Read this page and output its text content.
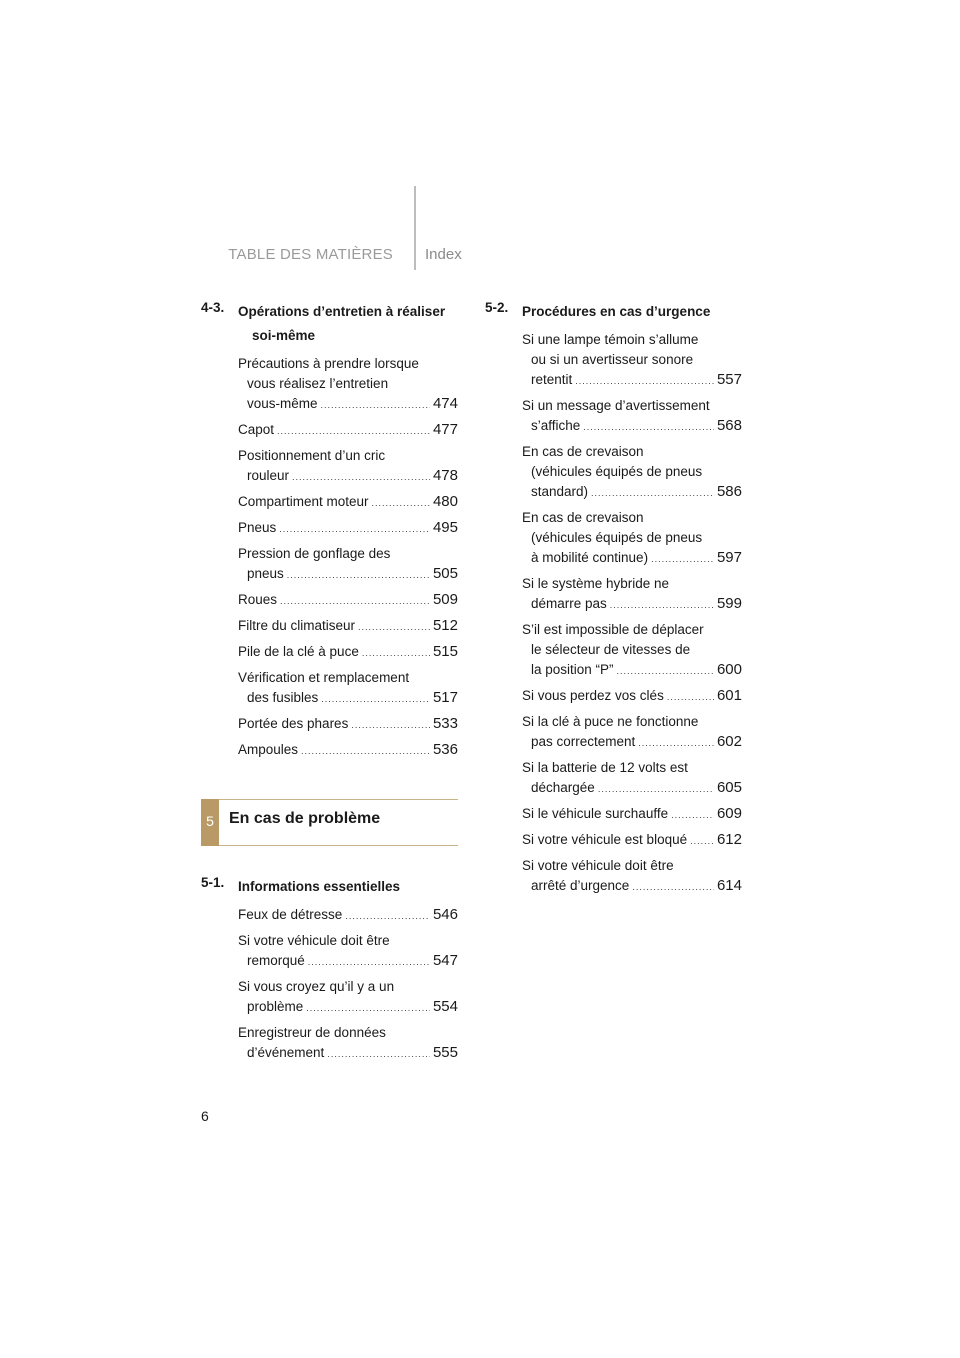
TABLE DES MATIÈRES Index
4-3.	Opérations d’entretien à réaliser
soi-même
Précautions à prendre lorsque
vous réalisez l’entretien
vous-même .....	474
Capot .....	477
Positionnement d’un cric
rouleur .....	478
Compartiment moteur .....	480
Pneus .....	495
Pression de gonflage des
pneus .....	505
Roues .....	509
Filtre du climatiseur .....	512
Pile de la clé à puce .....	515
Vérification et remplacement
des fusibles .....	517
Portée des phares .....	533
Ampoules .....	536
5 En cas de problème
5-1.	Informations essentielles
Feux de détresse .....	546
Si votre véhicule doit être
remorqué .....	547
Si vous croyez qu’il y a un
problème .....	554
Enregistreur de données
d’événement .....	555
5-2.	Procédures en cas d’urgence
Si une lampe témoin s’allume
ou si un avertisseur sonore
retentit .....	557
Si un message d’avertissement
s’affiche .....	568
En cas de crevaison
(véhicules équipés de pneus
standard) .....	586
En cas de crevaison
(véhicules équipés de pneus
à mobilité continue) .....	597
Si le système hybride ne
démarre pas .....	599
S’il est impossible de déplacer
le sélecteur de vitesses de
la position “P” .....	600
Si vous perdez vos clés .....	601
Si la clé à puce ne fonctionne
pas correctement .....	602
Si la batterie de 12 volts est
déchargée .....	605
Si le véhicule surchauffe .....	609
Si votre véhicule est bloqué ..... 612
Si votre véhicule doit être
arrêté d’urgence .....	614
6
